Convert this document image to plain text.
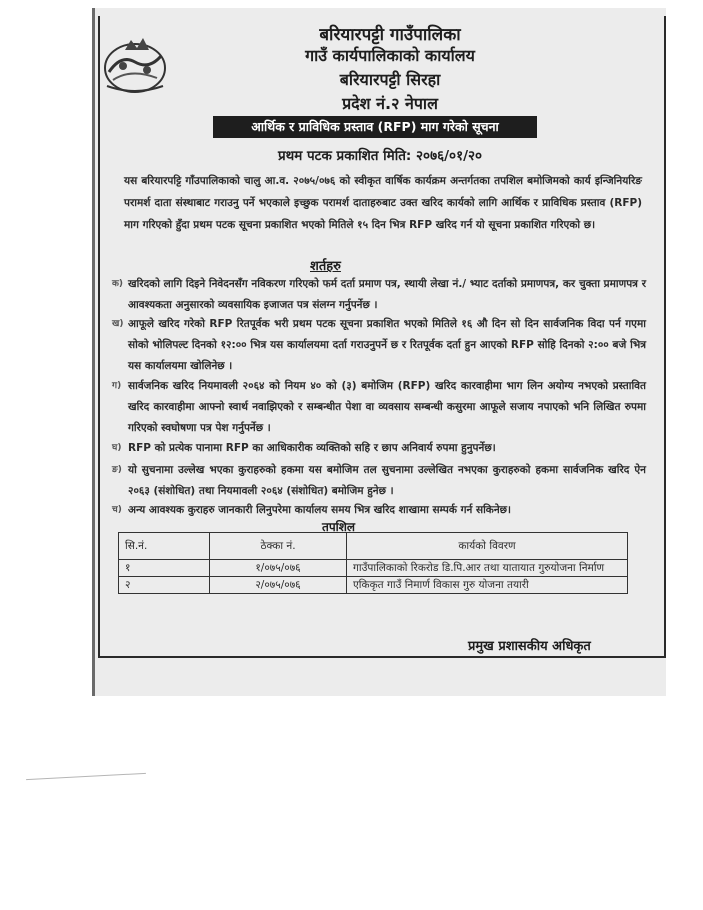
बरियारपट्टी गाउँपालिका
गाउँ कार्यपालिकाको कार्यालय
बरियारपट्टी सिरहा
प्रदेश नं.२ नेपाल
आर्थिक र प्राविधिक प्रस्ताव (RFP) माग गरेको सूचना
प्रथम पटक प्रकाशित मिति: २०७६/०१/२०
यस बरियारपट्टि गाँउपालिकाको चालु आ.व. २०७५/०७६ को स्वीकृत वार्षिक कार्यक्रम अन्तर्गतका तपशिल बमोजिमको कार्य इन्जिनियरिङ परामर्श दाता संस्थाबाट गराउनु पर्ने भएकाले इच्छुक परामर्श दाताहरुबाट उक्त खरिद कार्यको लागि आर्थिक र प्राविधिक प्रस्ताव (RFP) माग गरिएको हुँदा प्रथम पटक सूचना प्रकाशित भएको मितिले १५ दिन भित्र RFP खरिद गर्न यो सूचना प्रकाशित गरिएको छ।
शर्तहरु
क) खरिदको लागि दिइने निवेदनसँग नविकरण गरिएको फर्म दर्ता प्रमाण पत्र, स्थायी लेखा नं./ भ्याट दर्ताको प्रमाणपत्र, कर चुक्ता प्रमाणपत्र र आवश्यकता अनुसारको व्यवसायिक इजाजत पत्र संलग्न गर्नुपर्नेछ ।
ख) आफूले खरिद गरेको RFP रितपूर्वक भरी प्रथम पटक सूचना प्रकाशित भएको मितिले १६ औ दिन सो दिन सार्वजनिक विदा पर्न गएमा सोको भोलिपल्ट दिनको १२:०० भित्र यस कार्यालयमा दर्ता गराउनुपर्ने छ र रितपूर्वक दर्ता हुन आएको RFP सोहि दिनको २:०० बजे भित्र यस कार्यालयमा खोलिनेछ ।
ग) सार्वजनिक खरिद नियमावली २०६४ को नियम ४० को (३) बमोजिम (RFP) खरिद कारवाहीमा भाग लिन अयोग्य नभएको प्रस्तावित खरिद कारवाहीमा आफ्नो स्वार्थ नवाझिएको र सम्बन्धीत पेशा वा व्यवसाय सम्बन्धी कसुरमा आफूले सजाय नपाएको भनि लिखित रुपमा गरिएको स्वघोषणा पत्र पेश गर्नुपर्नेछ ।
घ) RFP को प्रत्येक पानामा RFP का आधिकारीक व्यक्तिको सहि र छाप अनिवार्य रुपमा हुनुपर्नेछ।
ङ) यो सुचनामा उल्लेख भएका कुराहरुको हकमा यस बमोजिम तल सुचनामा उल्लेखित नभएका कुराहरुको हकमा सार्वजनिक खरिद ऐन २०६३ (संशोधित) तथा नियमावली २०६४ (संशोधित) बमोजिम हुनेछ ।
च) अन्य आवश्यक कुराहरु जानकारी लिनुपरेमा कार्यालय समय भित्र खरिद शाखामा सम्पर्क गर्न सकिनेछ।
तपशिल
सि.नं.	ठेक्का नं.	कार्यको विवरण
१	१/०७५/०७६	गाउँपालिकाको रिकरोड डि.पि.आर तथा यातायात गुरुयोजना निर्माण
२	२/०७५/०७६	एकिकृत गाउँ निमार्ण विकास गुरु योजना तयारी
प्रमुख प्रशासकीय अधिकृत
